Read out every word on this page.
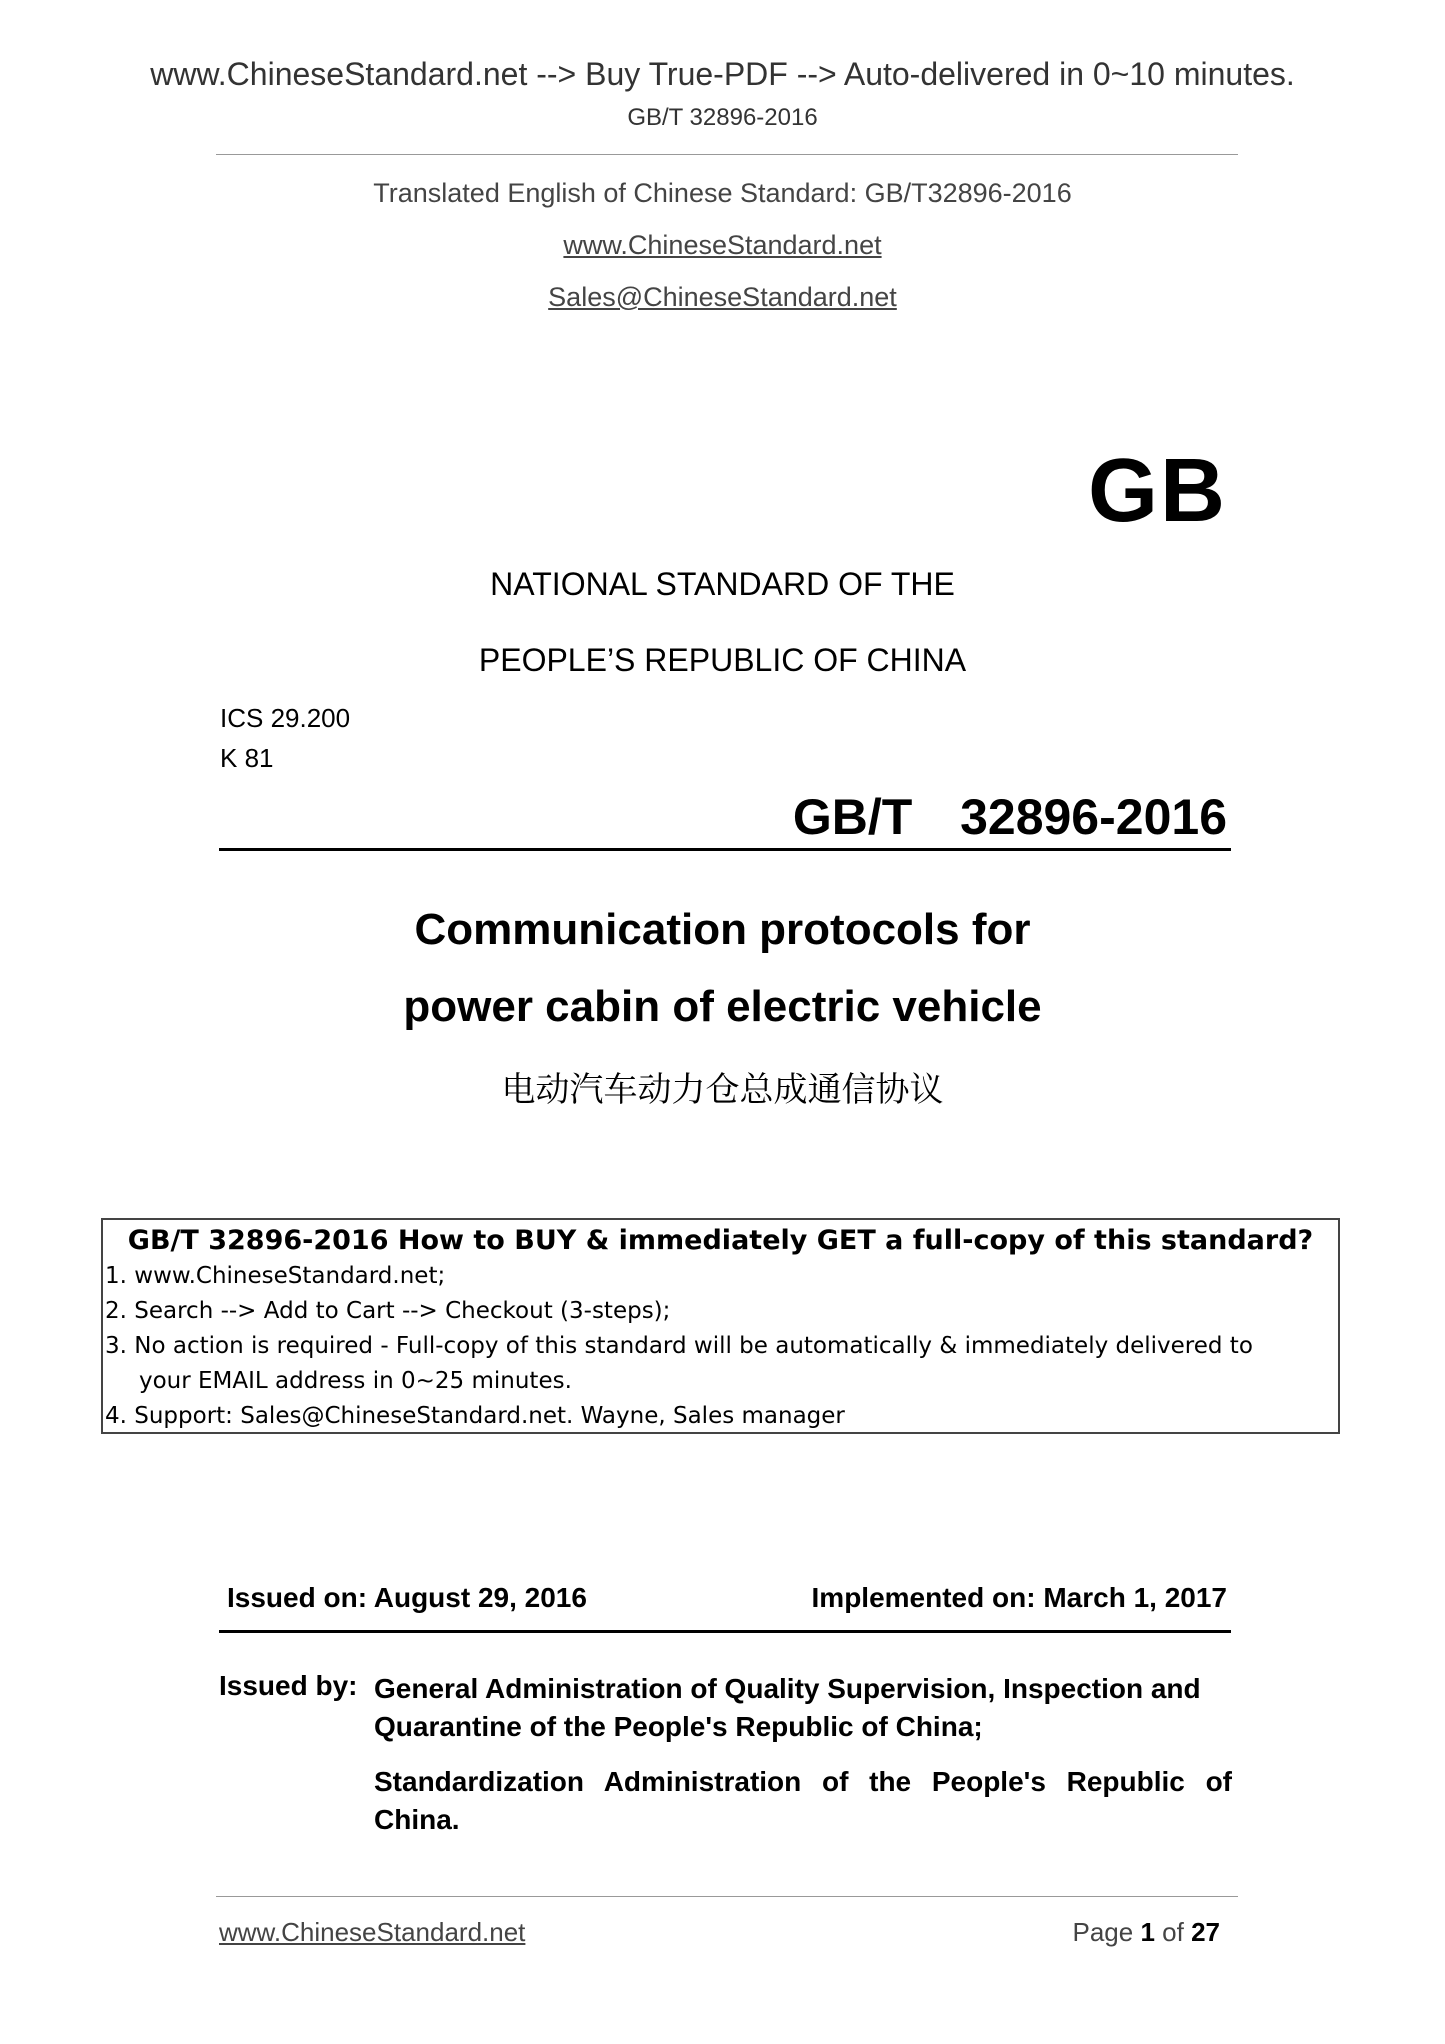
www.ChineseStandard.net --> Buy True-PDF --> Auto-delivered in 0~10 minutes.
GB/T 32896-2016
Translated English of Chinese Standard: GB/T32896-2016
www.ChineseStandard.net
Sales@ChineseStandard.net
GB
NATIONAL STANDARD OF THE
PEOPLE’S REPUBLIC OF CHINA
ICS 29.200
K 81
GB/T  32896-2016
Communication protocols for
power cabin of electric vehicle
电动汽车动力仓总成通信协议
GB/T 32896-2016 How to BUY & immediately GET a full-copy of this standard?
1. www.ChineseStandard.net;
2. Search --> Add to Cart --> Checkout (3-steps);
3. No action is required - Full-copy of this standard will be automatically & immediately delivered to
your EMAIL address in 0~25 minutes.
4. Support: Sales@ChineseStandard.net. Wayne, Sales manager
Issued on: August 29, 2016	Implemented on: March 1, 2017
Issued by: General Administration of Quality Supervision, Inspection and Quarantine of the People's Republic of China;
Standardization Administration of the People's Republic of China.
www.ChineseStandard.net	Page 1 of 27
